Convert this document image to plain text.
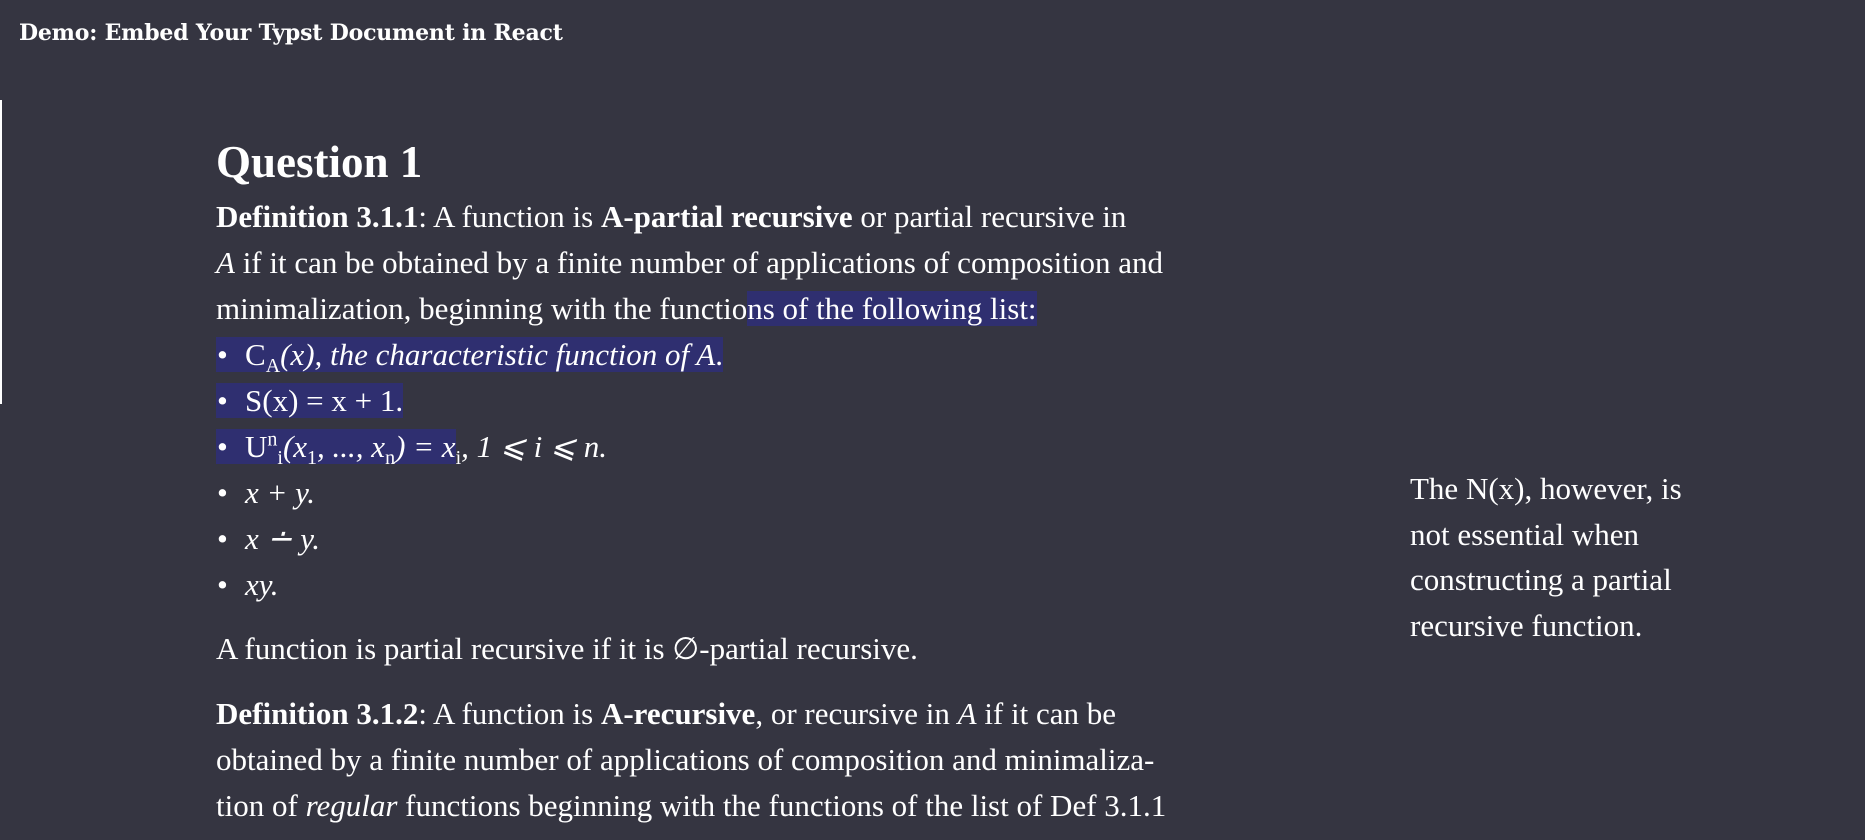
Demo: Embed Your Typst Document in React
Question 1
Definition 3.1.1: A function is A-partial recursive or partial recursive in
A if it can be obtained by a finite number of applications of composition and
minimalization, beginning with the functions of the following list:
• $C_A(x)$, the characteristic function of A.
• S(x) = x + 1.
• $U^n_i(x_1$, ..., $x_n) = x_i$, 1 ⩽ i ⩽ n.
• x + y.
• x ∸ y.
• xy.
A function is partial recursive if it is ∅-partial recursive.
Definition 3.1.2: A function is A-recursive, or recursive in A if it can be
obtained by a finite number of applications of composition and minimaliza-
tion of regular functions beginning with the functions of the list of Def 3.1.1
The N(x), however, is
not essential when
constructing a partial
recursive function.
